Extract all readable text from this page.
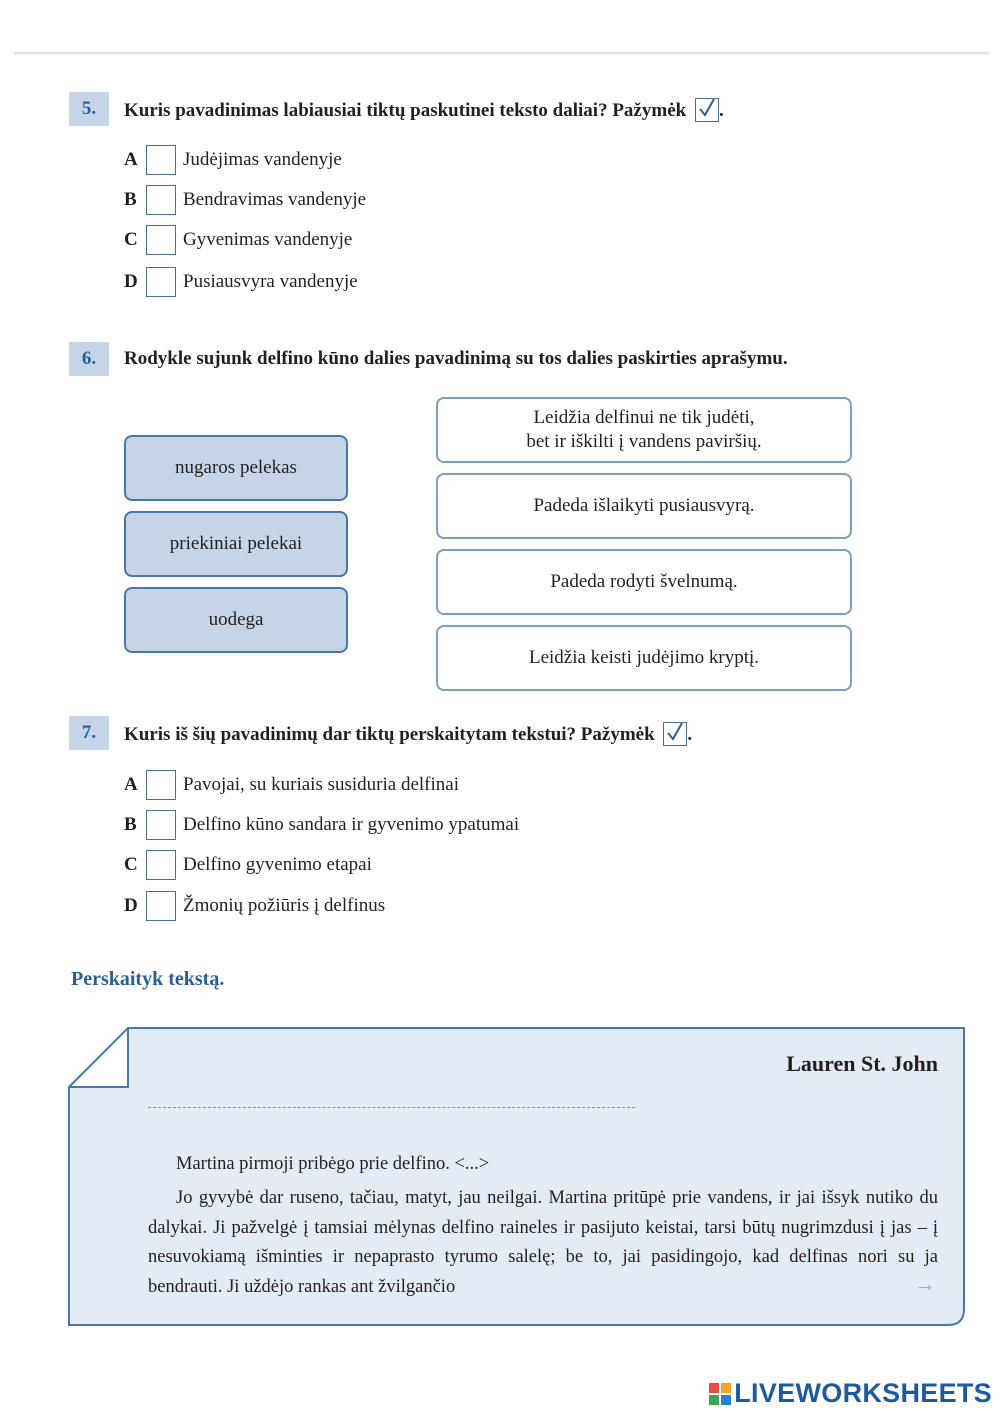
5.	Kuris pavadinimas labiausiai tiktų paskutinei teksto daliai? Pažymėk .
A	Judėjimas vandenyje
B	Bendravimas vandenyje
C	Gyvenimas vandenyje
D	Pusiausvyra vandenyje
6.	Rodykle sujunk delfino kūno dalies pavadinimą su tos dalies paskirties aprašymu.
nugaros pelekas
priekiniai pelekai
uodega
Leidžia delfinui ne tik judėti,
bet ir iškilti į vandens paviršių.
Padeda išlaikyti pusiausvyrą.
Padeda rodyti švelnumą.
Leidžia keisti judėjimo kryptį.
7.	Kuris iš šių pavadinimų dar tiktų perskaitytam tekstui? Pažymėk .
A	Pavojai, su kuriais susiduria delfinai
B	Delfino kūno sandara ir gyvenimo ypatumai
C	Delfino gyvenimo etapai
D	Žmonių požiūris į delfinus
Perskaityk tekstą.
Lauren St. John
Martina pirmoji pribėgo prie delfino. <...>
Jo gyvybė dar ruseno, tačiau, matyt, jau neilgai. Martina pritūpė prie vandens, ir jai išsyk nutiko du dalykai. Ji pažvelgė į tamsiai mėlynas delfino raineles ir pasijuto keistai, tarsi būtų nugrimzdusi į jas – į nesuvokiamą išminties ir nepaprasto tyrumo salelę; be to, jai pasidingojo, kad delfinas nori su ja bendrauti. Ji uždėjo rankas ant žvilgančio	→
LIVEWORKSHEETS
